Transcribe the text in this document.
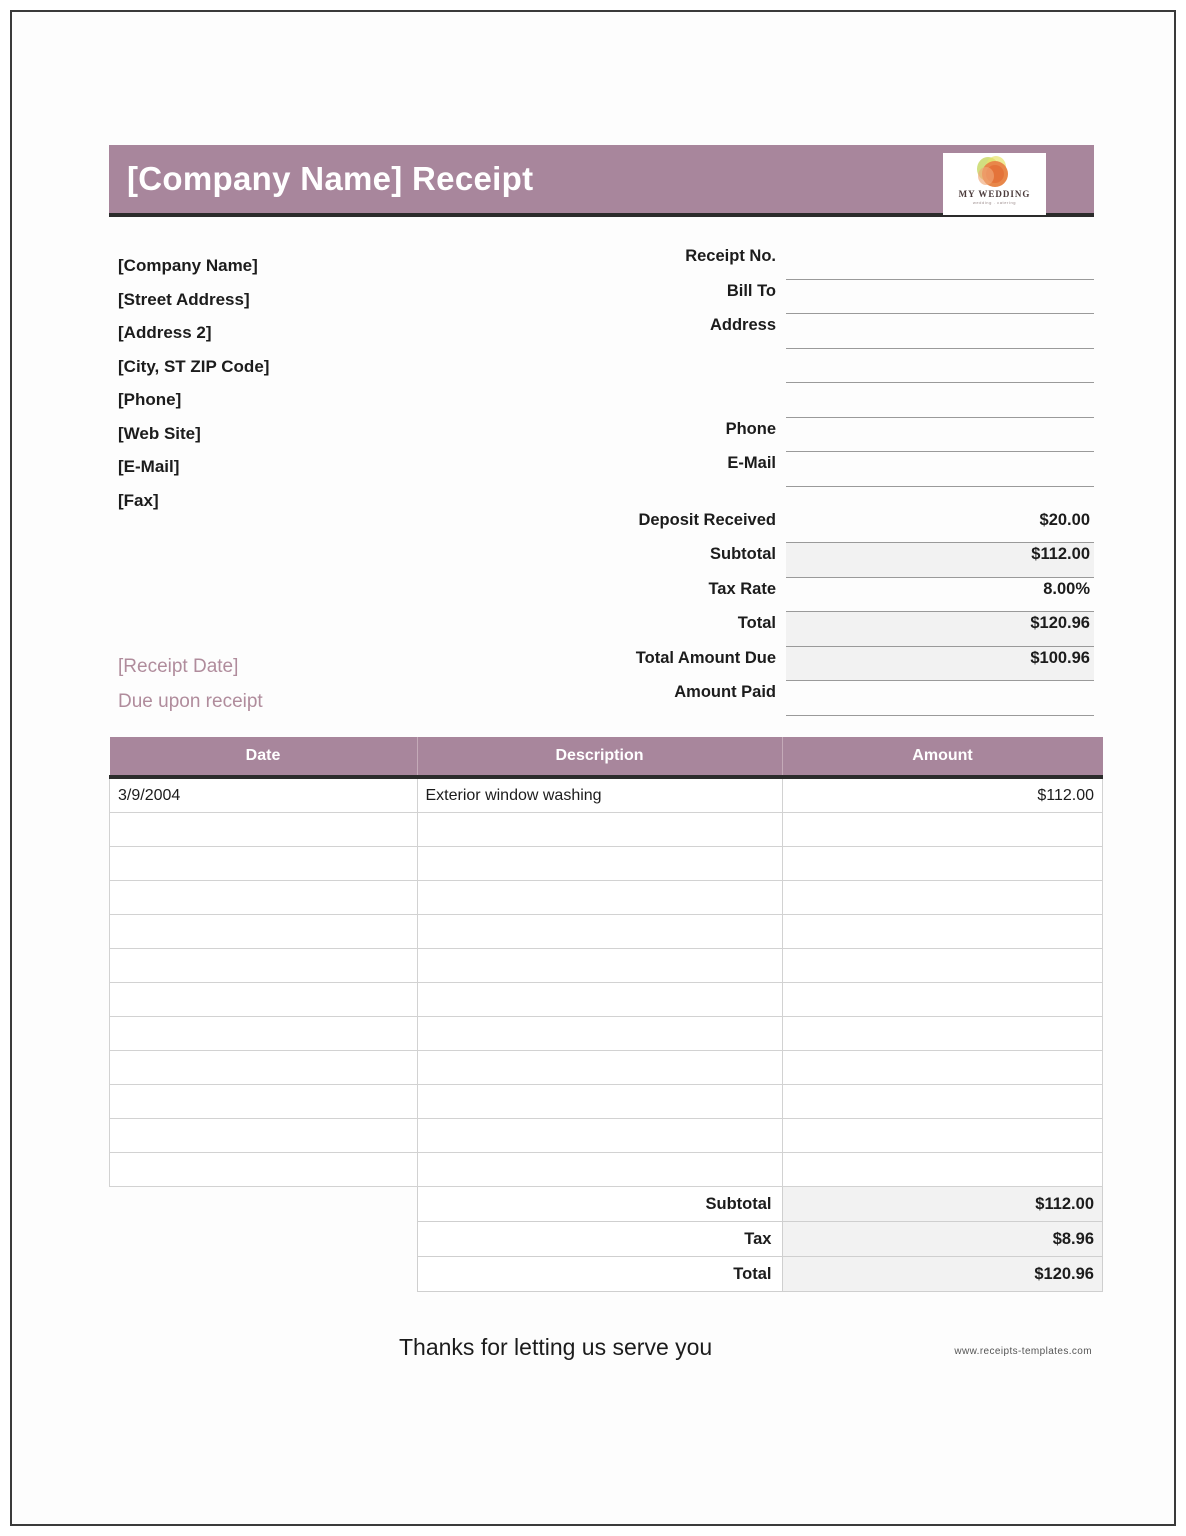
[Company Name] Receipt	MY WEDDING
wedding . catering
[Company Name]
[Street Address]
[Address 2]
[City, ST ZIP Code]
[Phone]
[Web Site]
[E-Mail]
[Fax]
[Receipt Date]
Due upon receipt
Receipt No.
Bill To
Address
Phone
E-Mail
Deposit Received	$20.00
Subtotal	$112.00
Tax Rate	8.00%
Total	$120.96
Total Amount Due	$100.96
Amount Paid
Date	Description	Amount
3/9/2004	Exterior window washing	$112.00

	Subtotal	$112.00
	Tax	$8.96
	Total	$120.96
Thanks for letting us serve you	www.receipts-templates.com
